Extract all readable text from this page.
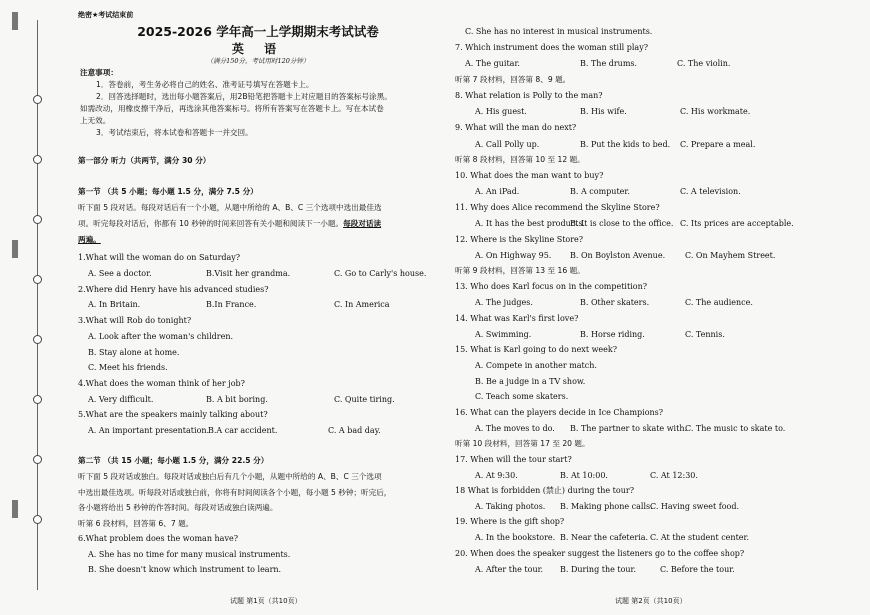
绝密★考试结束前
2025-2026 学年高一上学期期末考试试卷
英 语
（满分150分，考试用时120分钟）

注意事项：

1．答卷前，考生务必将自己的姓名、准考证号填写在答题卡上。

2．回答选择题时，选出每小题答案后，用2B铅笔把答题卡上对应题目的答案标号涂黑。

如需改动，用橡皮擦干净后，再选涂其他答案标号。将所有答案写在答题卡上。写在本试卷

上无效。

3．考试结束后，将本试卷和答题卡一并交回。

第一部分 听力（共两节，满分 30 分）
第一节 （共 5 小题；每小题 1.5 分，满分 7.5 分）
听下面 5 段对话。每段对话后有一个小题，从题中所给的 A、B、C 三个选项中选出最佳选
项。听完每段对话后，你都有 10 秒钟的时间来回答有关小题和阅读下一小题。每段对话读
两遍。
1.What will the woman do on Saturday?
A. See a doctor.	B.Visit her grandma.	C. Go to Carly's house.
2.Where did Henry have his advanced studies?
A. In Britain.	B.In France.	C. In America
3.What will Rob do tonight?
A. Look after the woman's children.
B. Stay alone at home.
C. Meet his friends.
4.What does the woman think of her job?
A. Very difficult.	B. A bit boring.	C. Quite tiring.
5.What are the speakers mainly talking about?
A. An important presentation.
B.A car accident.	C. A bad day.
第二节 （共 15 小题；每小题 1.5 分，满分 22.5 分）
听下面 5 段对话或独白。每段对话或独白后有几个小题，从题中所给的 A、B、C 三个选项
中选出最佳选项。听每段对话或独白前，你将有时间阅读各个小题，每小题 5 秒钟；听完后，
各小题将给出 5 秒钟的作答时间。每段对话或独白读两遍。
听第 6 段材料，回答第 6、7 题。
6.What problem does the woman have?
A. She has no time for many musical instruments.
B. She doesn't know which instrument to learn.
C. She has no interest in musical instruments.
7. Which instrument does the woman still play?
A. The guitar.	B. The drums.	C. The violin.
听第 7 段材料，回答第 8、9 题。
8. What relation is Polly to the man?
A. His guest.	B. His wife.	C. His workmate.
9. What will the man do next?
A. Call Polly up.	B. Put the kids to bed. C. Prepare a meal.
听第 8 段材料，回答第 10 至 12 题。
10. What does the man want to buy?
A. An iPad.	B. A computer.	C. A television.
11. Why does Alice recommend the Skyline Store?
A. It has the best products.
B. It is close to the office. C. Its prices are acceptable.
12. Where is the Skyline Store?
A. On Highway 95. B. On Boylston Avenue. C. On Mayhem Street.
听第 9 段材料，回答第 13 至 16 题。
13. Who does Karl focus on in the competition?
A. The judges.	B. Other skaters.	C. The audience.
14. What was Karl's first love?
A. Swimming.	B. Horse riding.	C. Tennis.
15. What is Karl going to do next week?
A. Compete in another match.
B. Be a judge in a TV show.
C. Teach some skaters.
16. What can the players decide in Ice Champions?
A. The moves to do. B. The partner to skate with.
C. The music to skate to.
听第 10 段材料，回答第 17 至 20 题。
17. When will the tour start?
A. At 9:30.	B. At 10:00.	C. At 12:30.
18 What is forbidden (禁止) during the tour?
A. Taking photos. B. Making phone calls.
C. Having sweet food.
19. Where is the gift shop?
A. In the bookstore. B. Near the cafeteria. C. At the student center.
20. When does the speaker suggest the listeners go to the coffee shop?
A. After the tour. B. During the tour.	C. Before the tour.
试题 第1页（共10页）	试题 第2页（共10页）
